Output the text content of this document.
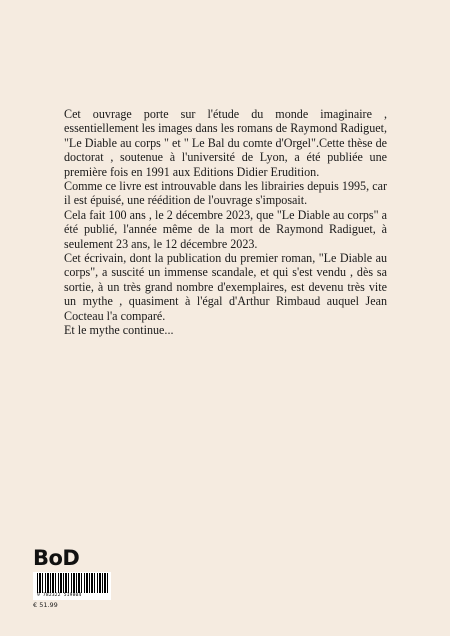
Cet ouvrage porte sur l'étude du monde imaginaire , essentiellement les images dans les romans de Raymond Radiguet, "Le Diable au corps " et " Le Bal du comte d'Orgel".Cette thèse de doctorat , soutenue à l'université de Lyon, a été publiée une première fois en 1991 aux Editions Didier Erudition.

Comme ce livre est introuvable dans les librairies depuis 1995, car il est épuisé, une réédition de l'ouvrage s'imposait.

Cela fait 100 ans , le 2 décembre 2023, que "Le Diable au corps" a été publié, l'année même de la mort de Raymond Radiguet, à seulement 23 ans, le 12 décembre 2023.

Cet écrivain, dont la publication du premier roman, "Le Diable au corps", a suscité un immense scandale, et qui s'est vendu , dès sa sortie, à un très grand nombre d'exemplaires, est devenu très vite un mythe , quasiment à l'égal d'Arthur Rimbaud auquel Jean Cocteau l'a comparé.

Et le mythe continue...

BoD
9 782322 519804
€ 51.99
